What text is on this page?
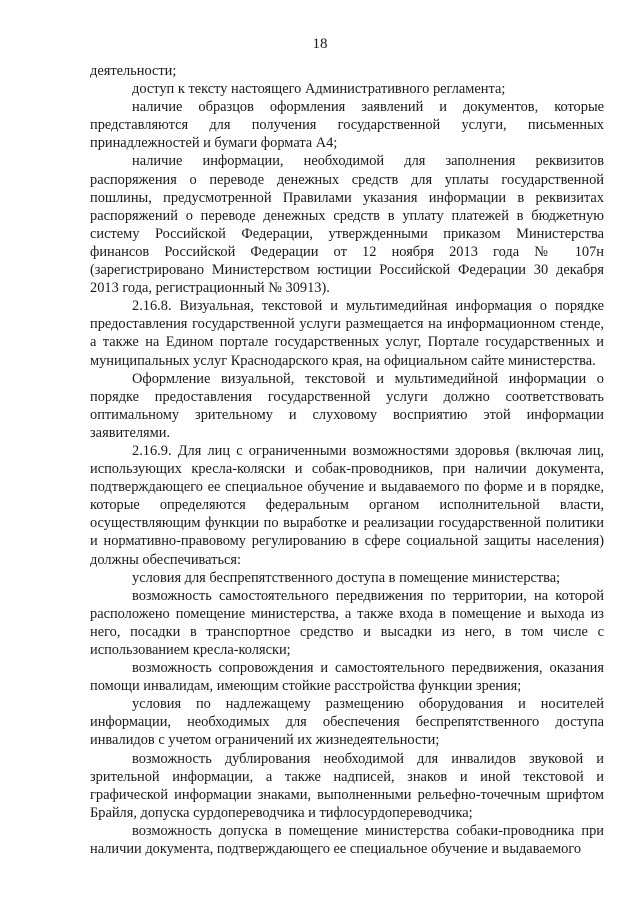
18

деятельности;

доступ к тексту настоящего Административного регламента;

наличие образцов оформления заявлений и документов, которые представляются для получения государственной услуги, письменных принадлежностей и бумаги формата А4;

наличие информации, необходимой для заполнения реквизитов распоряжения о переводе денежных средств для уплаты государственной пошлины, предусмотренной Правилами указания информации в реквизитах распоряжений о переводе денежных средств в уплату платежей в бюджетную систему Российской Федерации, утвержденными приказом Министерства финансов Российской Федерации от 12 ноября 2013 года № 107н (зарегистрировано Министерством юстиции Российской Федерации 30 декабря 2013 года, регистрационный № 30913).

2.16.8. Визуальная, текстовой и мультимедийная информация о порядке предоставления государственной услуги размещается на информационном стенде, а также на Едином портале государственных услуг, Портале государственных и муниципальных услуг Краснодарского края, на официальном сайте министерства.

Оформление визуальной, текстовой и мультимедийной информации о порядке предоставления государственной услуги должно соответствовать оптимальному зрительному и слуховому восприятию этой информации заявителями.

2.16.9. Для лиц с ограниченными возможностями здоровья (включая лиц, использующих кресла-коляски и собак-проводников, при наличии документа, подтверждающего ее специальное обучение и выдаваемого по форме и в порядке, которые определяются федеральным органом исполнительной власти, осуществляющим функции по выработке и реализации государственной политики и нормативно-правовому регулированию в сфере социальной защиты населения) должны обеспечиваться:

условия для беспрепятственного доступа в помещение министерства;

возможность самостоятельного передвижения по территории, на которой расположено помещение министерства, а также входа в помещение и выхода из него, посадки в транспортное средство и высадки из него, в том числе с использованием кресла-коляски;

возможность сопровождения и самостоятельного передвижения, оказания помощи инвалидам, имеющим стойкие расстройства функции зрения;

условия по надлежащему размещению оборудования и носителей информации, необходимых для обеспечения беспрепятственного доступа инвалидов с учетом ограничений их жизнедеятельности;

возможность дублирования необходимой для инвалидов звуковой и зрительной информации, а также надписей, знаков и иной текстовой и графической информации знаками, выполненными рельефно-точечным шрифтом Брайля, допуска сурдопереводчика и тифлосурдопереводчика;

возможность допуска в помещение министерства собаки-проводника при наличии документа, подтверждающего ее специальное обучение и выдаваемого
